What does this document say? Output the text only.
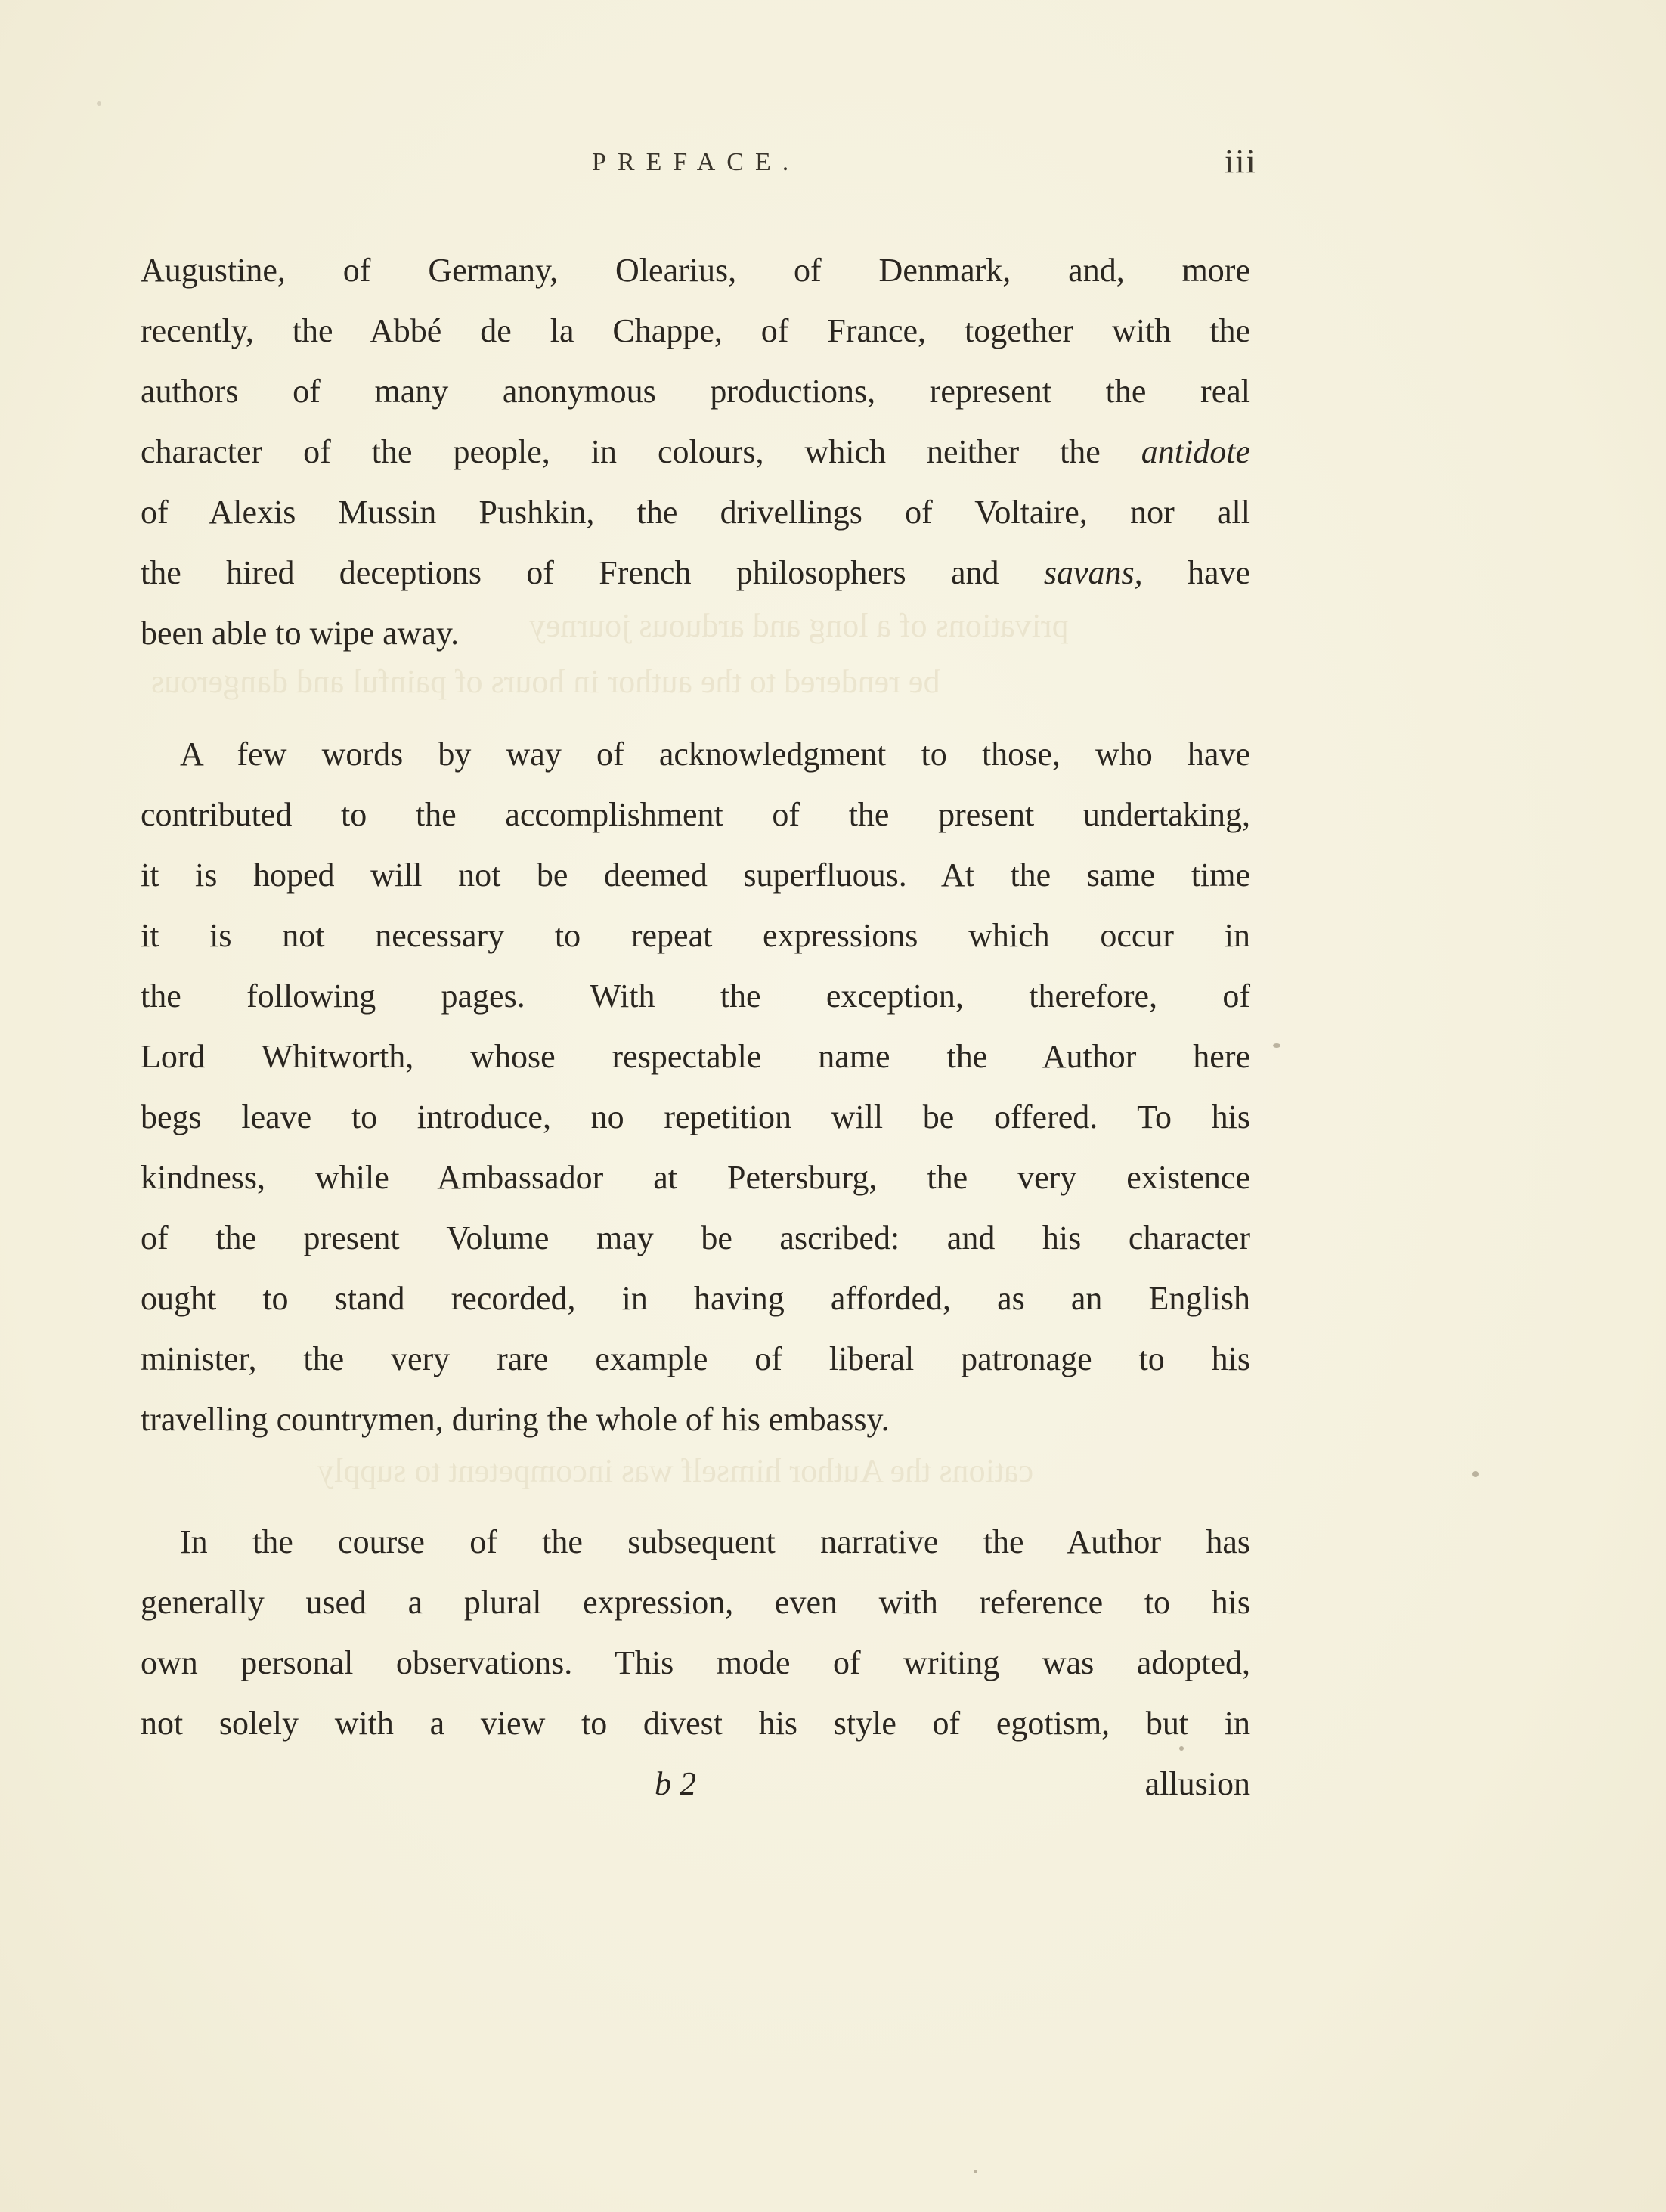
privations of a long and arduous journey
be rendered to the author in hours of painful and dangerous
cations the Author himself was incompetent to supply
PREFACE.	iii
Augustine, of Germany, Olearius, of Denmark, and, more
recently, the Abbé de la Chappe, of France, together with the
authors of many anonymous productions, represent the real
character of the people, in colours, which neither the antidote
of Alexis Mussin Pushkin, the drivellings of Voltaire, nor all
the hired deceptions of French philosophers and savans, have
been able to wipe away.
A few words by way of acknowledgment to those, who have
contributed to the accomplishment of the present undertaking,
it is hoped will not be deemed superfluous. At the same time
it is not necessary to repeat expressions which occur in
the following pages. With the exception, therefore, of
Lord Whitworth, whose respectable name the Author here
begs leave to introduce, no repetition will be offered. To his
kindness, while Ambassador at Petersburg, the very existence
of the present Volume may be ascribed: and his character
ought to stand recorded, in having afforded, as an English
minister, the very rare example of liberal patronage to his
travelling countrymen, during the whole of his embassy.
In the course of the subsequent narrative the Author has
generally used a plural expression, even with reference to his
own personal observations. This mode of writing was adopted,
not solely with a view to divest his style of egotism, but in
b 2	allusion
